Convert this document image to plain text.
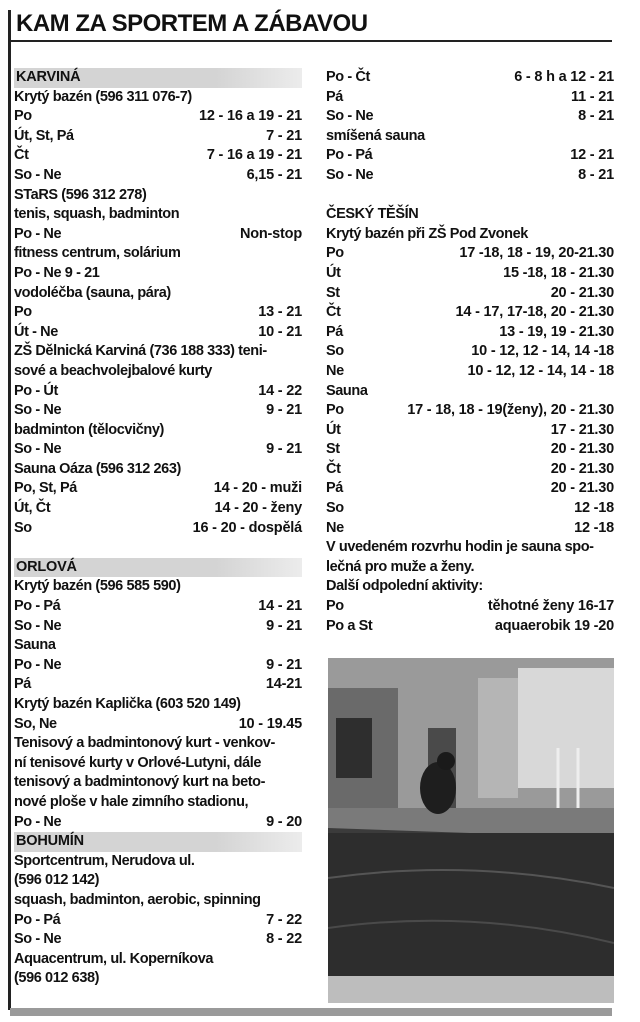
KAM ZA SPORTEM A ZÁBAVOU
KARVINÁ
Krytý bazén (596 311 076-7)
Po	12 - 16 a 19 - 21
Út, St, Pá	7 - 21
Čt	7 - 16 a 19 - 21
So - Ne	6,15 - 21
STaRS (596 312 278)
tenis, squash, badminton
Po - Ne	Non-stop
fitness centrum, solárium
Po - Ne 9 - 21
vodoléčba (sauna, pára)
Po	13 - 21
Út - Ne	10 - 21
ZŠ Dělnická Karviná (736 188 333) teni-
sové a beachvolejbalové kurty
Po - Út	14 - 22
So - Ne	9 - 21
badminton (tělocvičny)
So - Ne	9 - 21
Sauna Oáza (596 312 263)
Po, St, Pá	14 - 20 - muži
Út, Čt	14 - 20 - ženy
So	16 - 20 - dospělá
ORLOVÁ
Krytý bazén (596 585 590)
Po - Pá	14 - 21
So - Ne	9 - 21
Sauna
Po - Ne	9 - 21
Pá	14-21
Krytý bazén Kaplička (603 520 149)
So, Ne	10 - 19.45
Tenisový a badmintonový kurt - venkov-
ní tenisové kurty v Orlové-Lutyni, dále
tenisový a badmintonový kurt na beto-
nové ploše v hale zimního stadionu,
Po - Ne	9 - 20
BOHUMÍN
Sportcentrum, Nerudova ul.
(596 012 142)
squash, badminton, aerobic, spinning
Po - Pá	7 - 22
So - Ne	8 - 22
Aquacentrum, ul. Koperníkova
(596 012 638)
Po - Čt	6 - 8 h a 12 - 21
Pá	11 - 21
So - Ne	8 - 21
smíšená sauna
Po - Pá	12 - 21
So - Ne	8 - 21
ČESKÝ TĚŠÍN
Krytý bazén při ZŠ Pod Zvonek
Po	17 -18, 18 - 19, 20-21.30
Út	15 -18, 18 - 21.30
St	20 - 21.30
Čt	14 - 17, 17-18, 20 - 21.30
Pá	13 - 19, 19 - 21.30
So	10 - 12, 12 - 14, 14 -18
Ne	10 - 12, 12 - 14, 14 - 18
Sauna
Po	17 - 18, 18 - 19(ženy), 20 - 21.30
Út	17 - 21.30
St	20 - 21.30
Čt	20 - 21.30
Pá	20 - 21.30
So	12 -18
Ne	12 -18
V uvedeném rozvrhu hodin je sauna spo-
lečná pro muže a ženy.
Další odpolední aktivity:
Po	těhotné ženy 16-17
Po a St	aquaerobik 19 -20
